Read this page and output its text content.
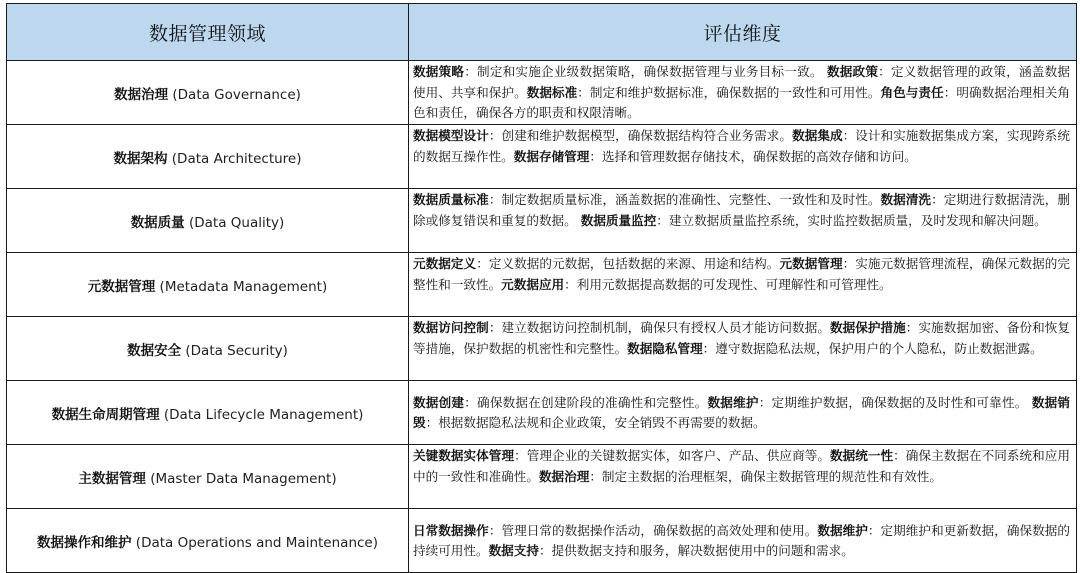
数据管理领域	评估维度
数据治理 (Data Governance)	数据策略：制定和实施企业级数据策略，确保数据管理与业务目标一致。 数据政策：定义数据管理的政策，涵盖数据使用、共享和保护。数据标准：制定和维护数据标准，确保数据的一致性和可用性。角色与责任：明确数据治理相关角色和责任，确保各方的职责和权限清晰。
数据架构 (Data Architecture)	数据模型设计：创建和维护数据模型，确保数据结构符合业务需求。数据集成：设计和实施数据集成方案，实现跨系统的数据互操作性。数据存储管理：选择和管理数据存储技术，确保数据的高效存储和访问。
数据质量 (Data Quality)	数据质量标准：制定数据质量标准，涵盖数据的准确性、完整性、一致性和及时性。数据清洗：定期进行数据清洗，删除或修复错误和重复的数据。 数据质量监控：建立数据质量监控系统，实时监控数据质量，及时发现和解决问题。
元数据管理 (Metadata Management)	元数据定义：定义数据的元数据，包括数据的来源、用途和结构。元数据管理：实施元数据管理流程，确保元数据的完整性和一致性。元数据应用：利用元数据提高数据的可发现性、可理解性和可管理性。
数据安全 (Data Security)	数据访问控制：建立数据访问控制机制，确保只有授权人员才能访问数据。数据保护措施：实施数据加密、备份和恢复等措施，保护数据的机密性和完整性。数据隐私管理：遵守数据隐私法规，保护用户的个人隐私，防止数据泄露。
数据生命周期管理 (Data Lifecycle Management)	数据创建：确保数据在创建阶段的准确性和完整性。数据维护：定期维护数据，确保数据的及时性和可靠性。 数据销毁：根据数据隐私法规和企业政策，安全销毁不再需要的数据。
主数据管理 (Master Data Management)	关键数据实体管理：管理企业的关键数据实体，如客户、产品、供应商等。数据统一性：确保主数据在不同系统和应用中的一致性和准确性。数据治理：制定主数据的治理框架，确保主数据管理的规范性和有效性。
数据操作和维护 (Data Operations and Maintenance)	日常数据操作：管理日常的数据操作活动，确保数据的高效处理和使用。数据维护：定期维护和更新数据，确保数据的持续可用性。数据支持：提供数据支持和服务，解决数据使用中的问题和需求。
